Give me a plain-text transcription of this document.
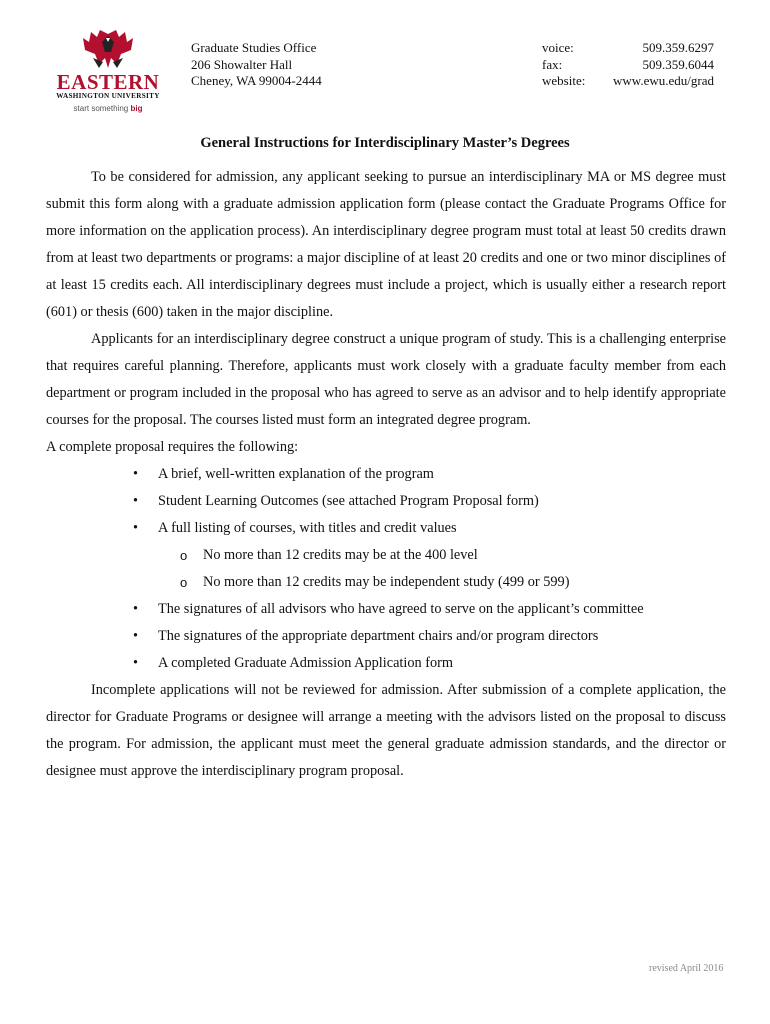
EASTERN
WASHINGTON UNIVERSITY
start something big
Graduate Studies Office
206 Showalter Hall
Cheney, WA 99004-2444
voice:	509.359.6297
fax:	509.359.6044
website: www.ewu.edu/grad
General Instructions for Interdisciplinary Master’s Degrees

To be considered for admission, any applicant seeking to pursue an interdisciplinary MA or MS degree must submit this form along with a graduate admission application form (please contact the Graduate Programs Office for more information on the application process). An interdisciplinary degree program must total at least 50 credits drawn from at least two departments or programs: a major discipline of at least 20 credits and one or two minor disciplines of at least 15 credits each. All interdisciplinary degrees must include a project, which is usually either a research report (601) or thesis (600) taken in the major discipline.

Applicants for an interdisciplinary degree construct a unique program of study. This is a challenging enterprise that requires careful planning. Therefore, applicants must work closely with a graduate faculty member from each department or program included in the proposal who has agreed to serve as an advisor and to help identify appropriate courses for the proposal. The courses listed must form an integrated degree program.

A complete proposal requires the following:

• A brief, well-written explanation of the program
• Student Learning Outcomes (see attached Program Proposal form)
• A full listing of courses, with titles and credit values
o No more than 12 credits may be at the 400 level
o No more than 12 credits may be independent study (499 or 599)
• The signatures of all advisors who have agreed to serve on the applicant’s committee
• The signatures of the appropriate department chairs and/or program directors
• A completed Graduate Admission Application form

Incomplete applications will not be reviewed for admission. After submission of a complete application, the director for Graduate Programs or designee will arrange a meeting with the advisors listed on the proposal to discuss the program. For admission, the applicant must meet the general graduate admission standards, and the director or designee must approve the interdisciplinary program proposal.

revised April 2016
